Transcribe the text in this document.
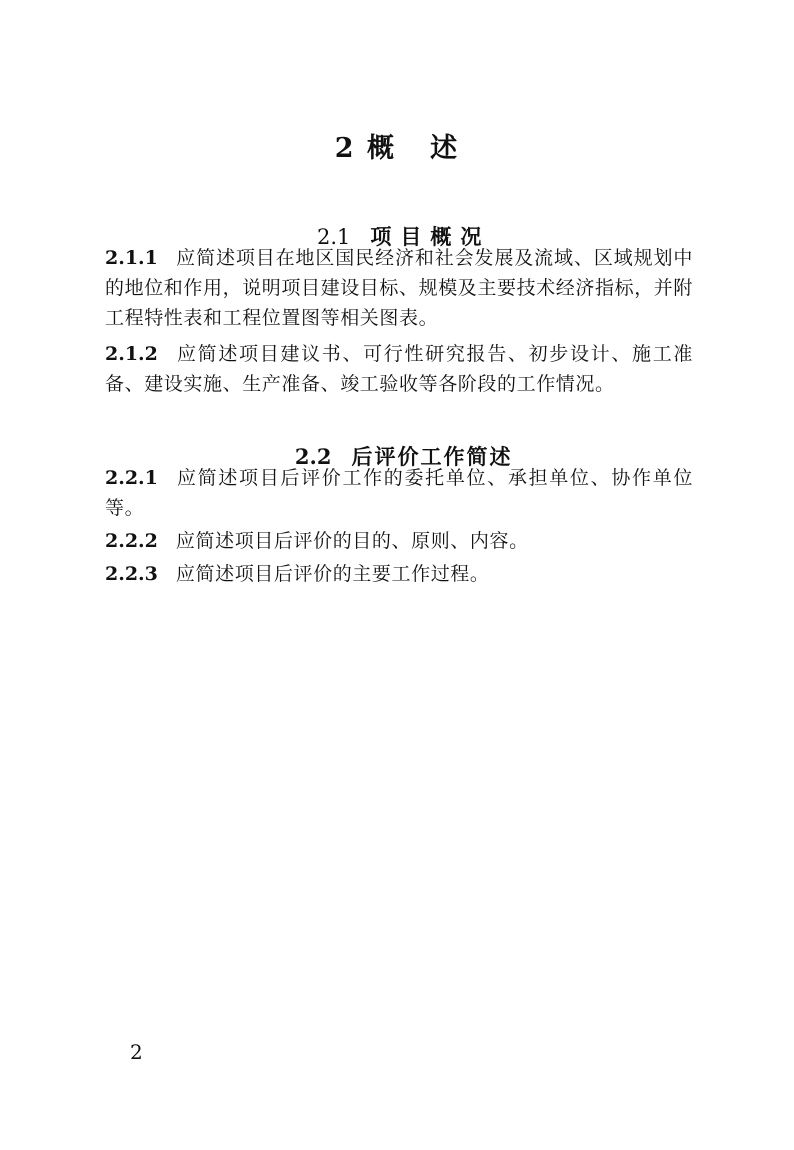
2 概   述

2.1 项目概况

2.1.1 应简述项目在地区国民经济和社会发展及流域、区域规划中的地位和作用，说明项目建设目标、规模及主要技术经济指标，并附工程特性表和工程位置图等相关图表。
2.1.2 应简述项目建议书、可行性研究报告、初步设计、施工准备、建设实施、生产准备、竣工验收等各阶段的工作情况。

2.2 后评价工作简述

2.2.1 应简述项目后评价工作的委托单位、承担单位、协作单位等。
2.2.2 应简述项目后评价的目的、原则、内容。
2.2.3 应简述项目后评价的主要工作过程。
2
